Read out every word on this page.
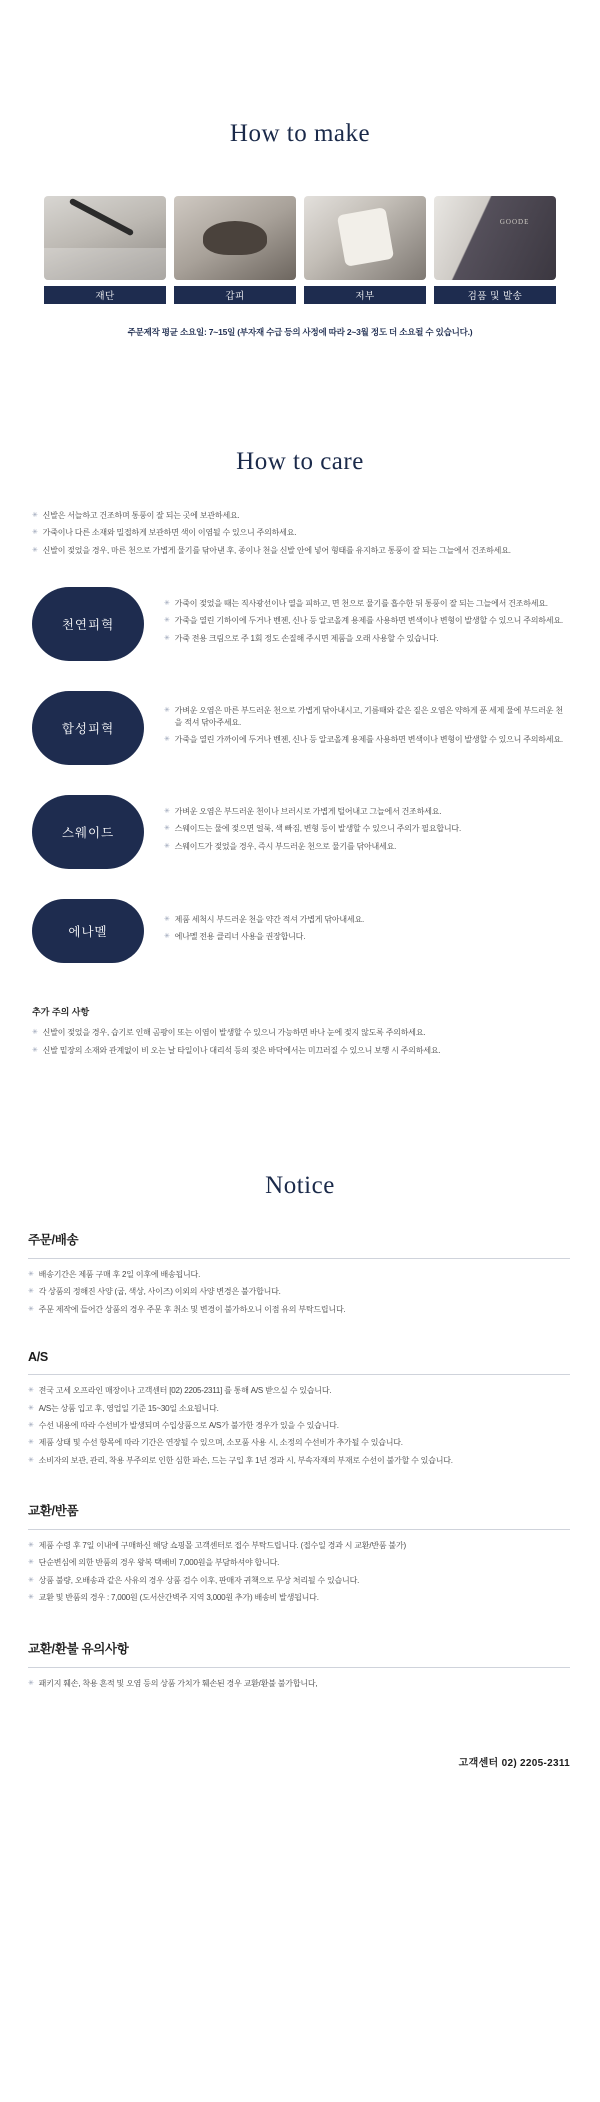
How to make
재단	갑피	저부
GOODE	검품 및 발송

주문제작 평균 소요일: 7~15일 (부자재 수급 등의 사정에 따라 2~3월 정도 더 소요될 수 있습니다.)

How to care
✳ 신발은 서늘하고 건조하며 통풍이 잘 되는 곳에 보관하세요.
✳ 가죽이나 다른 소재와 밀접하게 보관하면 색이 이염될 수 있으니 주의하세요.
✳ 신발이 젖었을 경우, 마른 천으로 가볍게 물기를 닦아낸 후, 종이나 천을 신발 안에 넣어 형태를 유지하고 통풍이 잘 되는 그늘에서 건조하세요.
천연피혁
✳ 가죽이 젖었을 때는 직사광선이나 열을 피하고, 면 천으로 물기를 흡수한 뒤 통풍이 잘 되는 그늘에서 건조하세요.
✳ 가죽을 열린 기하이에 두거나 벤젠, 신나 등 알코올계 용제를 사용하면 변색이나 변형이 발생할 수 있으니 주의하세요.
✳ 가죽 전용 크림으로 주 1회 정도 손질해 주시면 제품을 오래 사용할 수 있습니다.
합성피혁
✳ 가벼운 오염은 마른 부드러운 천으로 가볍게 닦아내시고, 기름때와 같은 짙은 오염은 약하게 푼 세제 물에 부드러운 천을 적셔 닦아주세요.
✳ 가죽을 열린 가까이에 두거나 벤젠, 신나 등 알코올계 용제를 사용하면 변색이나 변형이 발생할 수 있으니 주의하세요.
스웨이드
✳ 가벼운 오염은 부드러운 천이나 브러시로 가볍게 털어내고 그늘에서 건조하세요.
✳ 스웨이드는 물에 젖으면 얼룩, 색 빠짐, 변형 등이 발생할 수 있으니 주의가 필요합니다.
✳ 스웨이드가 젖었을 경우, 즉시 부드러운 천으로 물기를 닦아내세요.
에나멜
✳ 제품 세척시 부드러운 천을 약간 적셔 가볍게 닦아내세요.
✳ 에나멜 전용 클리너 사용을 권장합니다.
추가 주의 사항
✳ 신발이 젖었을 경우, 습기로 인해 곰팡이 또는 이염이 발생할 수 있으니 가능하면 바나 눈에 젖지 않도록 주의하세요.
✳ 신발 밑장의 소재와 관계없이 비 오는 날 타일이나 대리석 등의 젖은 바닥에서는 미끄러질 수 있으니 보행 시 주의하세요.
Notice
주문/배송
✳ 배송기간은 제품 구매 후 2일 이후에 배송됩니다.
✳ 각 상품의 정해진 사양 (굽, 색상, 사이즈) 이외의 사양 변경은 불가합니다.
✳ 주문 제작에 들어간 상품의 경우 주문 후 취소 및 변경이 불가하오니 이점 유의 부탁드립니다.
A/S
✳ 전국 고세 오프라인 매장이나 고객센터 [02) 2205-2311] 를 통해 A/S 받으실 수 있습니다.
✳ A/S는 상품 입고 후, 영업일 기준 15~30일 소요됩니다.
✳ 수선 내용에 따라 수선비가 발생되며 수입상품으로 A/S가 불가한 경우가 있을 수 있습니다.
✳ 제품 상태 및 수선 항목에 따라 기간은 연장될 수 있으며, 소모품 사용 시, 소정의 수선비가 추가될 수 있습니다.
✳ 소비자의 보관, 관리, 착용 부주의로 인한 심한 파손, 드는 구입 후 1년 경과 시, 부속자재의 부재로 수선이 불가할 수 있습니다.
교환/반품
✳ 제품 수령 후 7일 이내에 구매하신 해당 쇼핑몰 고객센터로 접수 부탁드립니다. (접수일 경과 시 교환/반품 불가)
✳ 단순변심에 의한 반품의 경우 왕복 택배비 7,000원을 부담하셔야 합니다.
✳ 상품 불량, 오배송과 같은 사유의 경우 상품 검수 이후, 판매자 귀책으로 무상 처리될 수 있습니다.
✳ 교환 및 반품의 경우 : 7,000원 (도서산간벽주 지역 3,000원 추가) 배송비 발생됩니다.
교환/환불 유의사항
✳ 패키지 훼손, 착용 흔적 및 오염 등의 상품 가치가 훼손된 경우 교환/환불 불가합니다,
고객센터 02) 2205-2311
